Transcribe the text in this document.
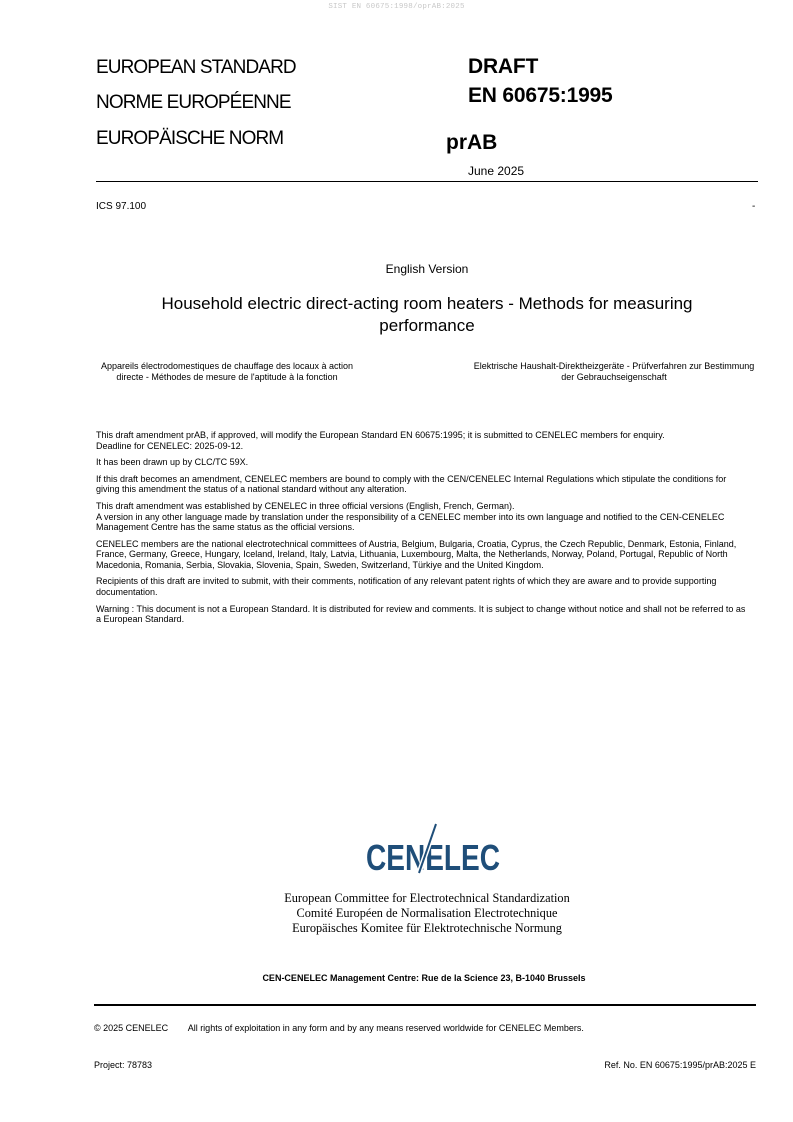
SIST EN 60675:1998/oprAB:2025
EUROPEAN STANDARD
NORME EUROPÉENNE
EUROPÄISCHE NORM
DRAFT
EN 60675:1995
prAB
June 2025
ICS 97.100	-
English Version
Household electric direct-acting room heaters - Methods for measuring performance
Appareils électrodomestiques de chauffage des locaux à action directe - Méthodes de mesure de l'aptitude à la fonction
Elektrische Haushalt-Direktheizgeräte - Prüfverfahren zur Bestimmung der Gebrauchseigenschaft

This draft amendment prAB, if approved, will modify the European Standard EN 60675:1995; it is submitted to CENELEC members for enquiry.
Deadline for CENELEC: 2025-09-12.

It has been drawn up by CLC/TC 59X.

If this draft becomes an amendment, CENELEC members are bound to comply with the CEN/CENELEC Internal Regulations which stipulate the conditions for giving this amendment the status of a national standard without any alteration.

This draft amendment was established by CENELEC in three official versions (English, French, German).
A version in any other language made by translation under the responsibility of a CENELEC member into its own language and notified to the CEN-CENELEC Management Centre has the same status as the official versions.

CENELEC members are the national electrotechnical committees of Austria, Belgium, Bulgaria, Croatia, Cyprus, the Czech Republic, Denmark, Estonia, Finland, France, Germany, Greece, Hungary, Iceland, Ireland, Italy, Latvia, Lithuania, Luxembourg, Malta, the Netherlands, Norway, Poland, Portugal, Republic of North Macedonia, Romania, Serbia, Slovakia, Slovenia, Spain, Sweden, Switzerland, Türkiye and the United Kingdom.

Recipients of this draft are invited to submit, with their comments, notification of any relevant patent rights of which they are aware and to provide supporting documentation.

Warning : This document is not a European Standard. It is distributed for review and comments. It is subject to change without notice and shall not be referred to as a European Standard.

CENELEC
European Committee for Electrotechnical Standardization
Comité Européen de Normalisation Electrotechnique
Europäisches Komitee für Elektrotechnische Normung
CEN-CENELEC Management Centre: Rue de la Science 23, B-1040 Brussels
© 2025 CENELEC All rights of exploitation in any form and by any means reserved worldwide for CENELEC Members.
Project: 78783	Ref. No. EN 60675:1995/prAB:2025 E
